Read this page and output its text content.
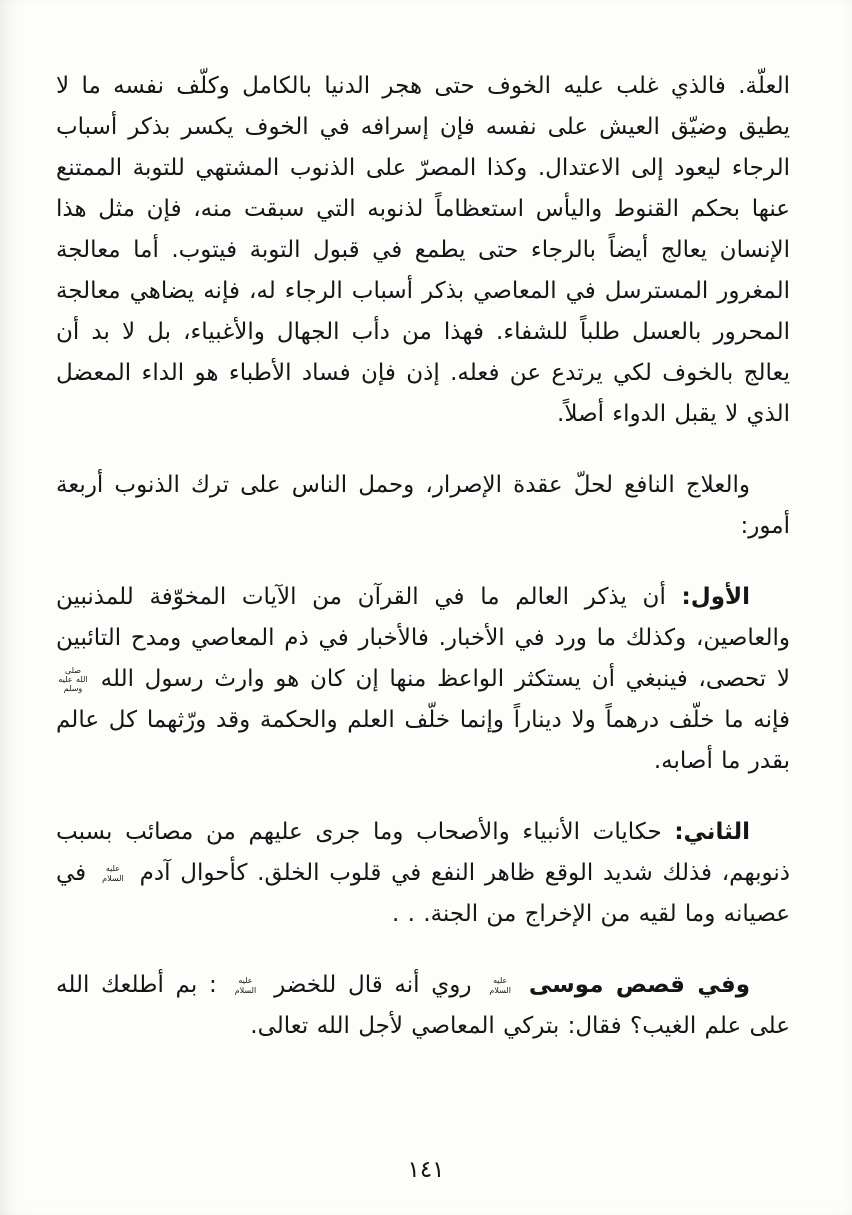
العلّة. فالذي غلب عليه الخوف حتى هجر الدنيا بالكامل وكلّف نفسه ما لا يطيق وضيّق العيش على نفسه فإن إسرافه في الخوف يكسر بذكر أسباب الرجاء ليعود إلى الاعتدال. وكذا المصرّ على الذنوب المشتهي للتوبة الممتنع عنها بحكم القنوط واليأس استعظاماً لذنوبه التي سبقت منه، فإن مثل هذا الإنسان يعالج أيضاً بالرجاء حتى يطمع في قبول التوبة فيتوب. أما معالجة المغرور المسترسل في المعاصي بذكر أسباب الرجاء له، فإنه يضاهي معالجة المحرور بالعسل طلباً للشفاء. فهذا من دأب الجهال والأغبياء، بل لا بد أن يعالج بالخوف لكي يرتدع عن فعله. إذن فإن فساد الأطباء هو الداء المعضل الذي لا يقبل الدواء أصلاً.

والعلاج النافع لحلّ عقدة الإصرار، وحمل الناس على ترك الذنوب أربعة أمور:

الأول: أن يذكر العالم ما في القرآن من الآيات المخوّفة للمذنبين والعاصين، وكذلك ما ورد في الأخبار. فالأخبار في ذم المعاصي ومدح التائبين لا تحصى، فينبغي أن يستكثر الواعظ منها إن كان هو وارث رسول الله صلى الله عليه وسلم فإنه ما خلّف درهماً ولا ديناراً وإنما خلّف العلم والحكمة وقد ورّثهما كل عالم بقدر ما أصابه.

الثاني: حكايات الأنبياء والأصحاب وما جرى عليهم من مصائب بسبب ذنوبهم، فذلك شديد الوقع ظاهر النفع في قلوب الخلق. كأحوال آدم عليه السلام في عصيانه وما لقيه من الإخراج من الجنة. . .

وفي قصص موسى عليه السلام روي أنه قال للخضر عليه السلام : بم أطلعك الله على علم الغيب؟ فقال: بتركي المعاصي لأجل الله تعالى.

١٤١
